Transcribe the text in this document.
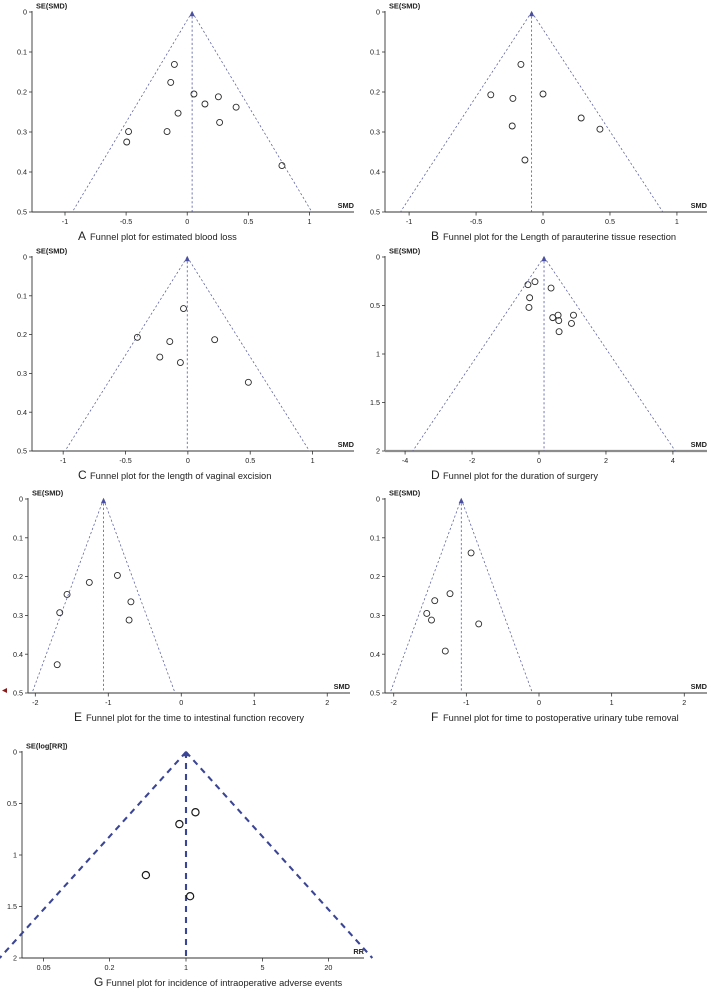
0
0.1
0.2
0.3
0.4
0.5
-1	-0.5	0	0.5	1
SE(SMD)
SMD
A Funnel plot for estimated blood loss
0
0.1
0.2
0.3
0.4
0.5
-1	-0.5	0	0.5	1
SE(SMD)
SMD
B Funnel plot for the Length of parauterine tissue resection
0
0.1
0.2
0.3
0.4
0.5
-1	-0.5	0	0.5	1
SE(SMD)
SMD
C Funnel plot for the length of vaginal excision
0
0.5
1
1.5
2
-4	-2	0	2	4
SE(SMD)
SMD
D Funnel plot for the duration of surgery
0
0.1
0.2
0.3
0.4
0.5
-2	-1	0	1	2
SE(SMD)
SMD
E Funnel plot for the time to intestinal function recovery
0
0.1
0.2
0.3
0.4
0.5
-2	-1	0	1	2
SE(SMD)
SMD
F Funnel plot for time to postoperative urinary tube removal
0
0.5
1
1.5
2
0.05	0.2	1	5	20
SE(log[RR])
RR
G Funnel plot for incidence of intraoperative adverse events
